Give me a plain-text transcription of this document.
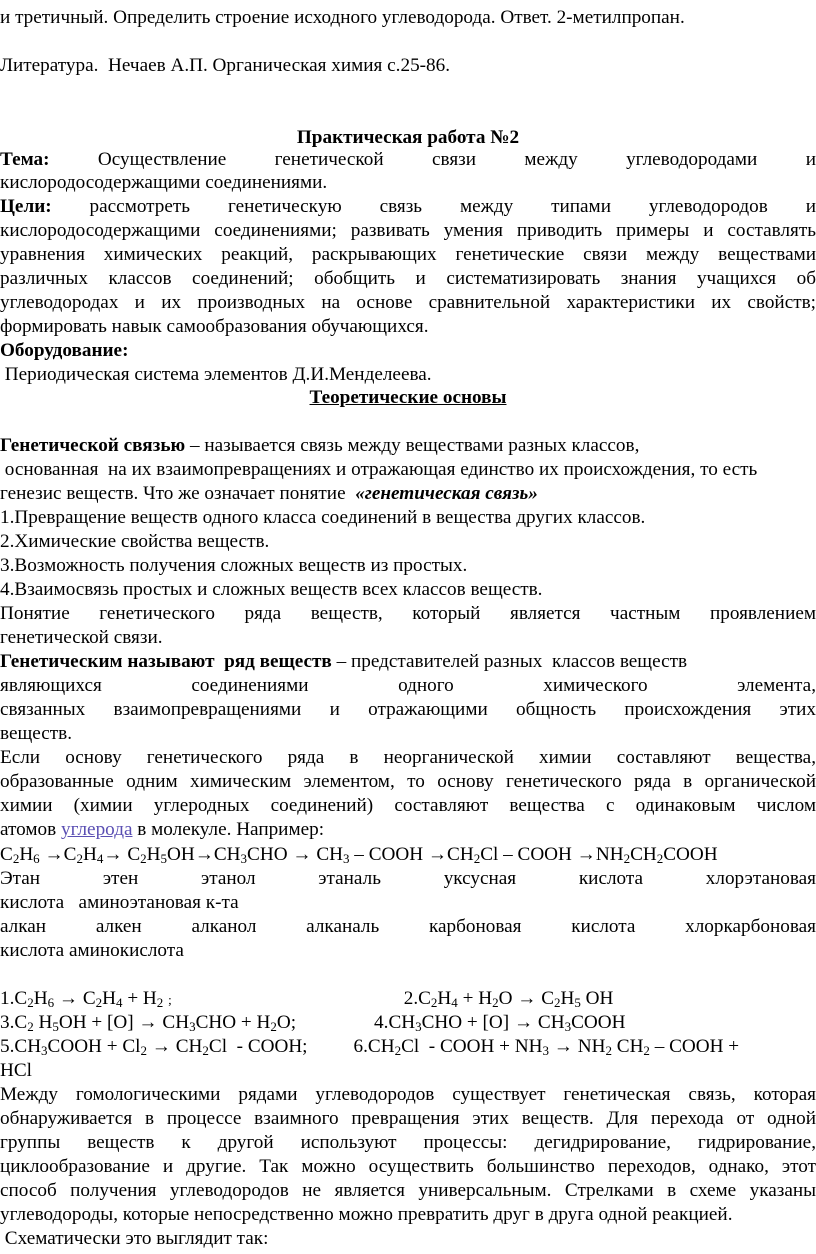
и третичный. Определить строение исходного углеводорода. Ответ. 2-метилпропан.
Литература.  Нечаев А.П. Органическая химия с.25-86.
Практическая работа №2
Тема: Осуществление генетической связи между углеводородами и
кислородосодержащими соединениями.
Цели: рассмотреть генетическую связь между типами углеводородов и
кислородосодержащими соединениями; развивать умения приводить примеры и составлять
уравнения химических реакций, раскрывающих генетические связи между веществами
различных классов соединений; обобщить и систематизировать знания учащихся об
углеводородах и их производных на основе сравнительной характеристики их свойств;
формировать навык самообразования обучающихся.
Оборудование:
Периодическая система элементов Д.И.Менделеева.
Теоретические основы
Генетической связью – называется связь между веществами разных классов,
основанная  на их взаимопревращениях и отражающая единство их происхождения, то есть
генезис веществ. Что же означает понятие  «генетическая связь»
1.Превращение веществ одного класса соединений в вещества других классов.
2.Химические свойства веществ.
3.Возможность получения сложных веществ из простых.
4.Взаимосвязь простых и сложных веществ всех классов веществ.
Понятие генетического ряда веществ, который является частным проявлением
генетической связи.
Генетическим называют  ряд веществ – представителей разных  классов веществ
являющихся соединениями одного химического элемента,
связанных взаимопревращениями и отражающими общность происхождения этих
веществ.
Если основу генетического ряда в неорганической химии составляют вещества,
образованные одним химическим элементом, то основу генетического ряда в органической
химии (химии углеродных соединений) составляют вещества с одинаковым числом
атомов углерода в молекуле. Например:
$C_2H_6 \to C_2H_4\to C_2H_5OH\to CH_3CHO \to CH_3$ – COOH $\to CH_2Cl$ – COOH $\to NH_2CH_2COOH$
Этан этен этанол этаналь уксусная кислота хлорэтановая
кислота   аминоэтановая к-та
алкан алкен алканол алканаль карбоновая кислота хлоркарбоновая
кислота аминокислота
$1.C_2H_6 \to C_2H_4 + H_2$ ;	$2.C_2H_4 + H_2O \to C_2H_5$ OH
$3.C_2$ $H_5OH + [O] \to CH_3CHO + H_2O$;	$4.CH_3CHO + [O]$ → $CH_3COOH$
$5.CH_3COOH + Cl_2 \to CH_2Cl$  - COOH; $6.CH_2Cl$  - COOH + $NH_3 \to NH_2$ $CH_2$ – COOH +
HCl
Между гомологическими рядами углеводородов существует генетическая связь, которая
обнаруживается в процессе взаимного превращения этих веществ. Для перехода от одной
группы веществ к другой используют процессы: дегидрирование, гидрирование,
циклообразование и другие. Так можно осуществить большинство переходов, однако, этот
способ получения углеводородов не является универсальным. Стрелками в схеме указаны
углеводороды, которые непосредственно можно превратить друг в друга одной реакцией.
Схематически это выглядит так:
